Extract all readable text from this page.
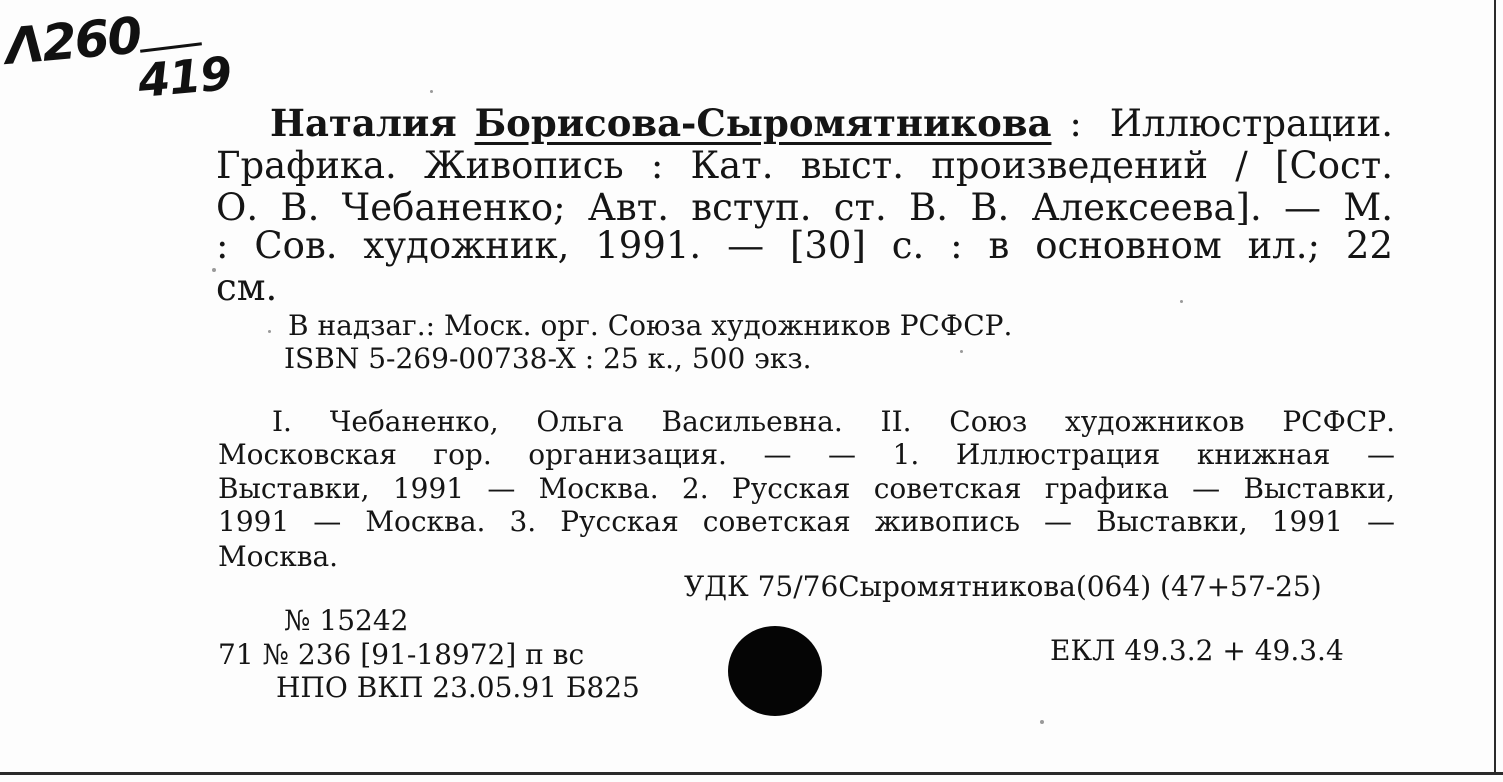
Λ260
419
Наталия Борисова-Сыромятникова : Иллюстрации.
Графика. Живопись : Кат. выст. произведений / [Сост.
О. В. Чебаненко; Авт. вступ. ст. В. В. Алексеева]. — М.
: Сов. художник, 1991. — [30] с. : в основном ил.; 22
см.
В надзаг.: Моск. орг. Союза художников РСФСР.
ISBN 5-269-00738-X : 25 к., 500 экз.
I. Чебаненко, Ольга Васильевна. II. Союз художников РСФСР.
Московская гор. организация. — — 1. Иллюстрация книжная —
Выставки, 1991 — Москва. 2. Русская советская графика — Выставки,
1991 — Москва. 3. Русская советская живопись — Выставки, 1991 —
Москва.
УДК 75/76Сыромятникова(064) (47+57-25)
№ 15242
71 № 236 [91-18972] п вс
НПО ВКП 23.05.91 Б825
ЕКЛ 49.3.2 + 49.3.4
